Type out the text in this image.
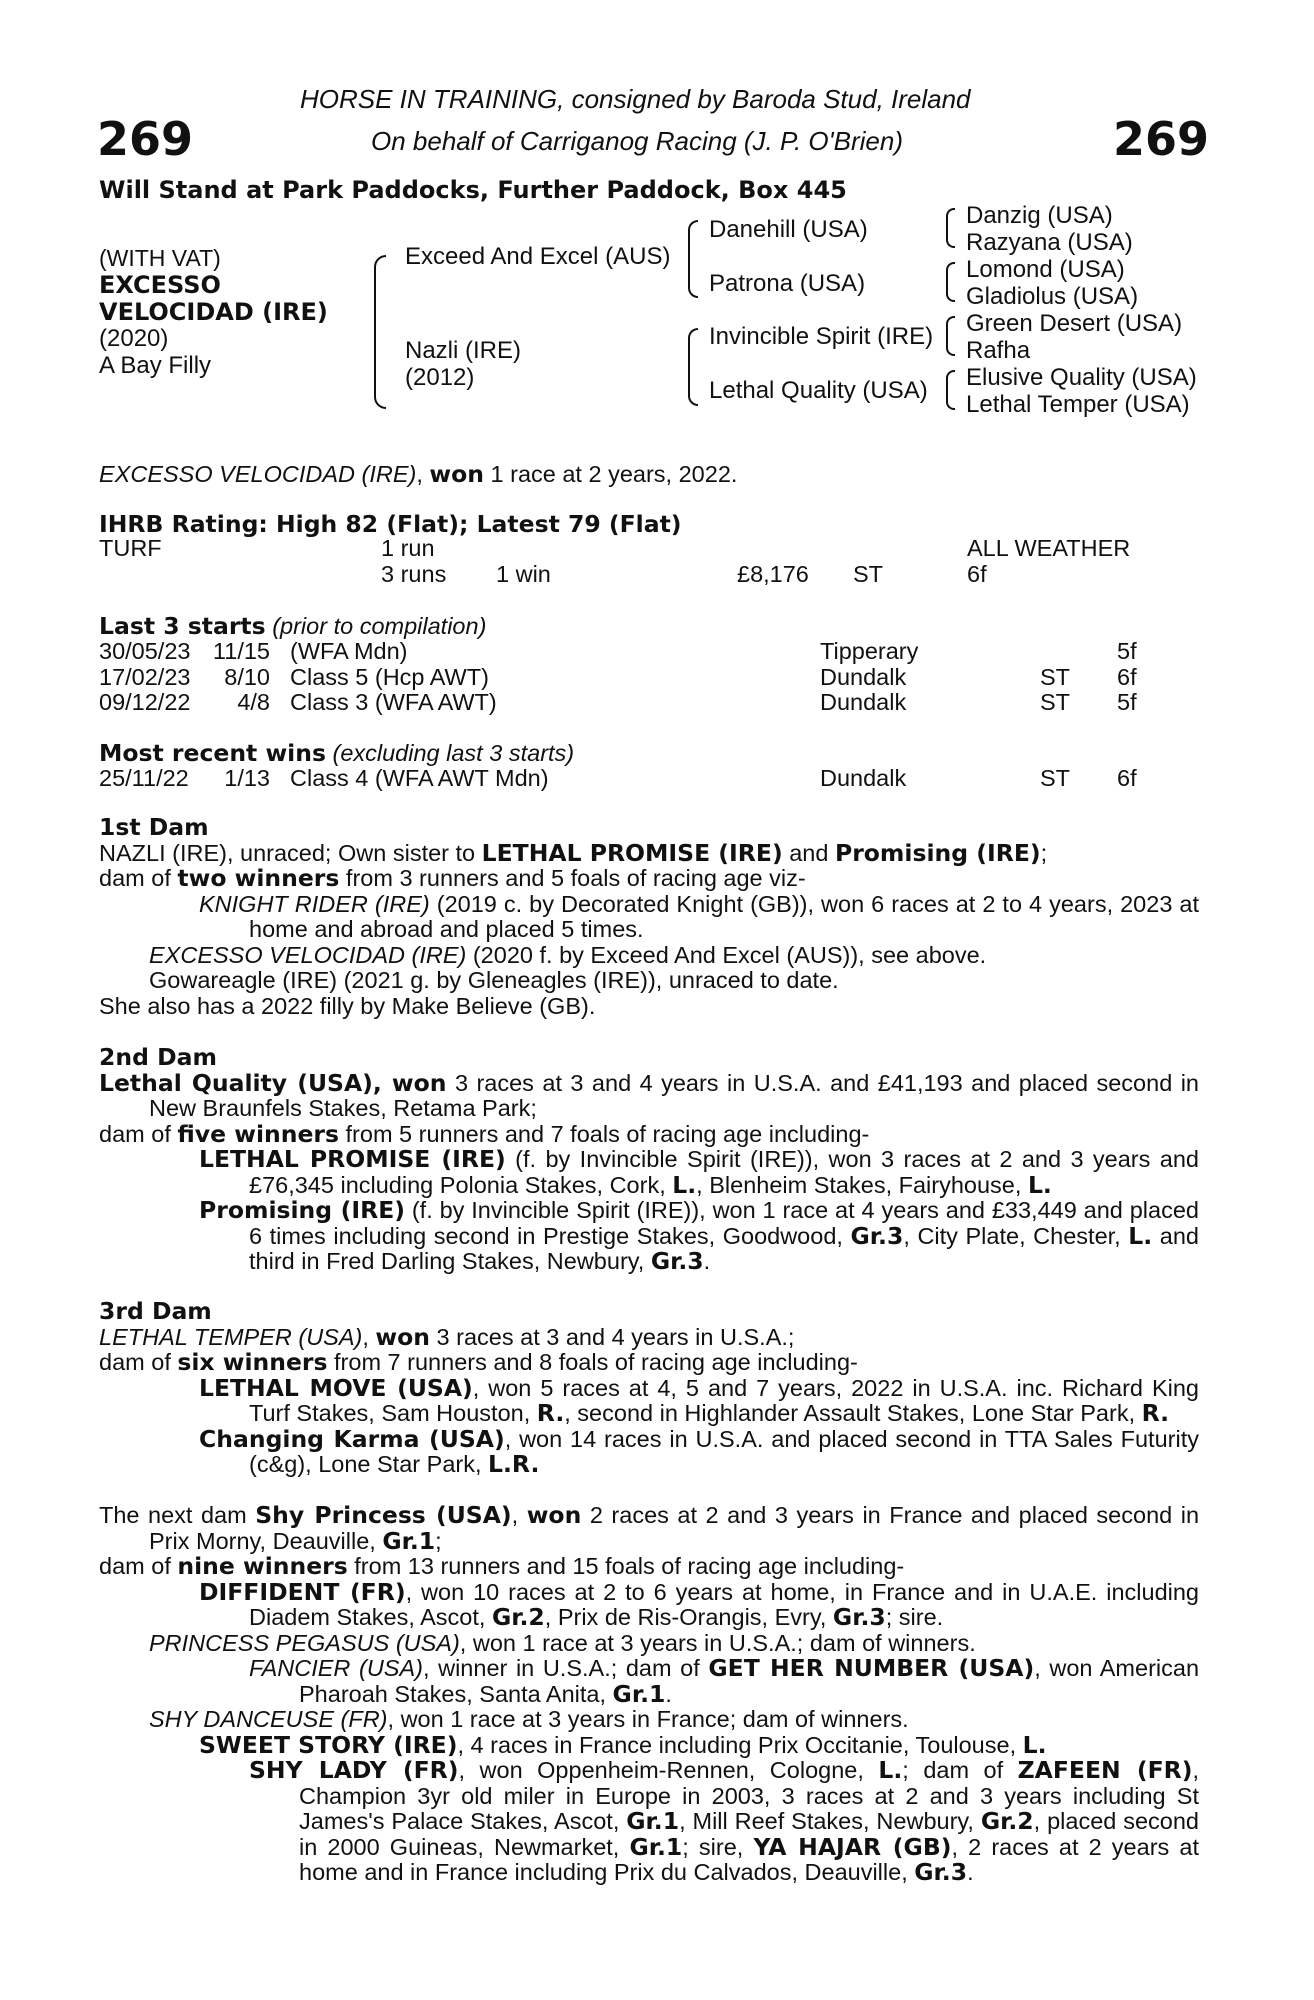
HORSE IN TRAINING, consigned by Baroda Stud, Ireland
On behalf of Carriganog Racing (J. P. O'Brien)
269	269
Will Stand at Park Paddocks, Further Paddock, Box 445
(WITH VAT)
EXCESSO
VELOCIDAD (IRE)
(2020)
A Bay Filly
Exceed And Excel (AUS)
Nazli (IRE)
(2012)
Danehill (USA)
Patrona (USA)
Invincible Spirit (IRE)
Lethal Quality (USA)
Danzig (USA)
Razyana (USA)
Lomond (USA)
Gladiolus (USA)
Green Desert (USA)
Rafha
Elusive Quality (USA)
Lethal Temper (USA)
EXCESSO VELOCIDAD (IRE), won 1 race at 2 years, 2022.
IHRB Rating: High 82 (Flat); Latest 79 (Flat)
TURF	1 run	ALL WEATHER
3 runs 1 win	£8,176 ST	6f
Last 3 starts (prior to compilation)
30/05/23 11/15 (WFA Mdn)	Tipperary	5f
17/02/23 8/10 Class 5 (Hcp AWT)	Dundalk	ST 6f
09/12/22 4/8 Class 3 (WFA AWT)	Dundalk	ST 5f
Most recent wins (excluding last 3 starts)
25/11/22 1/13 Class 4 (WFA AWT Mdn)	Dundalk	ST 6f

1st Dam

NAZLI (IRE), unraced; Own sister to LETHAL PROMISE (IRE) and Promising (IRE);

dam of two winners from 3 runners and 5 foals of racing age viz-

KNIGHT RIDER (IRE) (2019 c. by Decorated Knight (GB)), won 6 races at 2 to 4 years, 2023 at home and abroad and placed 5 times.

EXCESSO VELOCIDAD (IRE) (2020 f. by Exceed And Excel (AUS)), see above.

Gowareagle (IRE) (2021 g. by Gleneagles (IRE)), unraced to date.

She also has a 2022 filly by Make Believe (GB).

2nd Dam

Lethal Quality (USA), won 3 races at 3 and 4 years in U.S.A. and £41,193 and placed second in New Braunfels Stakes, Retama Park;

dam of five winners from 5 runners and 7 foals of racing age including-

LETHAL PROMISE (IRE) (f. by Invincible Spirit (IRE)), won 3 races at 2 and 3 years and £76,345 including Polonia Stakes, Cork, L., Blenheim Stakes, Fairyhouse, L.

Promising (IRE) (f. by Invincible Spirit (IRE)), won 1 race at 4 years and £33,449 and placed 6 times including second in Prestige Stakes, Goodwood, Gr.3, City Plate, Chester, L. and third in Fred Darling Stakes, Newbury, Gr.3.

3rd Dam

LETHAL TEMPER (USA), won 3 races at 3 and 4 years in U.S.A.;

dam of six winners from 7 runners and 8 foals of racing age including-

LETHAL MOVE (USA), won 5 races at 4, 5 and 7 years, 2022 in U.S.A. inc. Richard King Turf Stakes, Sam Houston, R., second in Highlander Assault Stakes, Lone Star Park, R.

Changing Karma (USA), won 14 races in U.S.A. and placed second in TTA Sales Futurity (c&g), Lone Star Park, L.R.

The next dam Shy Princess (USA), won 2 races at 2 and 3 years in France and placed second in Prix Morny, Deauville, Gr.1;

dam of nine winners from 13 runners and 15 foals of racing age including-

DIFFIDENT (FR), won 10 races at 2 to 6 years at home, in France and in U.A.E. including Diadem Stakes, Ascot, Gr.2, Prix de Ris-Orangis, Evry, Gr.3; sire.

PRINCESS PEGASUS (USA), won 1 race at 3 years in U.S.A.; dam of winners.

FANCIER (USA), winner in U.S.A.; dam of GET HER NUMBER (USA), won American Pharoah Stakes, Santa Anita, Gr.1.

SHY DANCEUSE (FR), won 1 race at 3 years in France; dam of winners.

SWEET STORY (IRE), 4 races in France including Prix Occitanie, Toulouse, L.

SHY LADY (FR), won Oppenheim-Rennen, Cologne, L.; dam of ZAFEEN (FR), Champion 3yr old miler in Europe in 2003, 3 races at 2 and 3 years including St James's Palace Stakes, Ascot, Gr.1, Mill Reef Stakes, Newbury, Gr.2, placed second in 2000 Guineas, Newmarket, Gr.1; sire, YA HAJAR (GB), 2 races at 2 years at home and in France including Prix du Calvados, Deauville, Gr.3.
